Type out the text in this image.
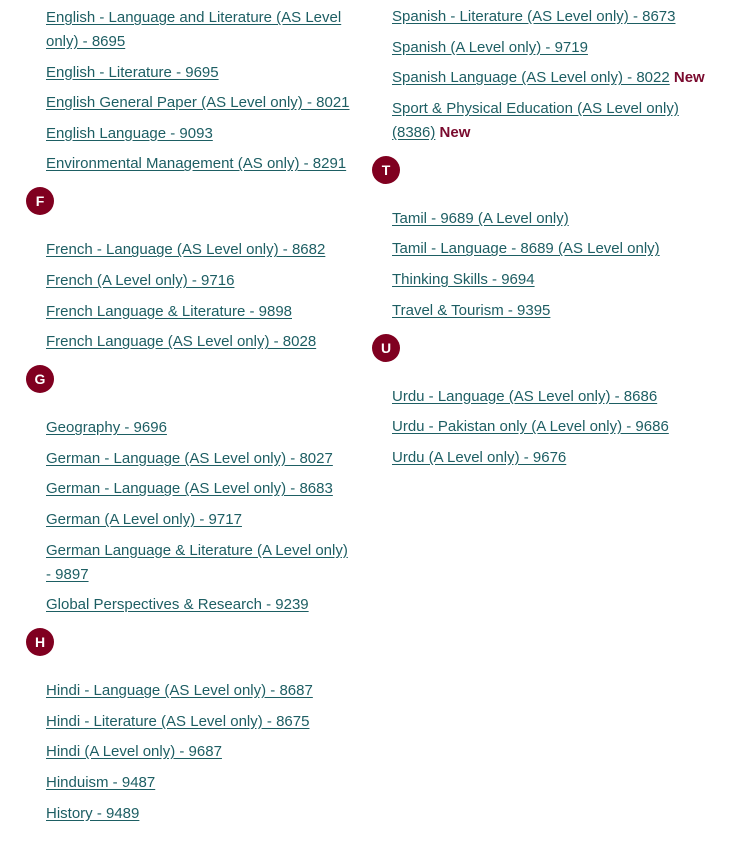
English - Language and Literature (AS Level only) - 8695
English - Literature - 9695
English General Paper (AS Level only) - 8021
English Language - 9093
Environmental Management (AS only) - 8291
F
French - Language (AS Level only) - 8682
French (A Level only) - 9716
French Language & Literature - 9898
French Language (AS Level only) - 8028
G
Geography - 9696
German - Language (AS Level only) - 8027
German - Language (AS Level only) - 8683
German (A Level only) - 9717
German Language & Literature (A Level only) - 9897
Global Perspectives & Research - 9239
H
Hindi - Language (AS Level only) - 8687
Hindi - Literature (AS Level only) - 8675
Hindi (A Level only) - 9687
Hinduism - 9487
History - 9489
Spanish - Literature (AS Level only) - 8673
Spanish (A Level only) - 9719
Spanish Language (AS Level only) - 8022 New
Sport & Physical Education (AS Level only) (8386) New
T
Tamil - 9689 (A Level only)
Tamil - Language - 8689 (AS Level only)
Thinking Skills - 9694
Travel & Tourism - 9395
U
Urdu - Language (AS Level only) - 8686
Urdu - Pakistan only (A Level only) - 9686
Urdu (A Level only) - 9676
